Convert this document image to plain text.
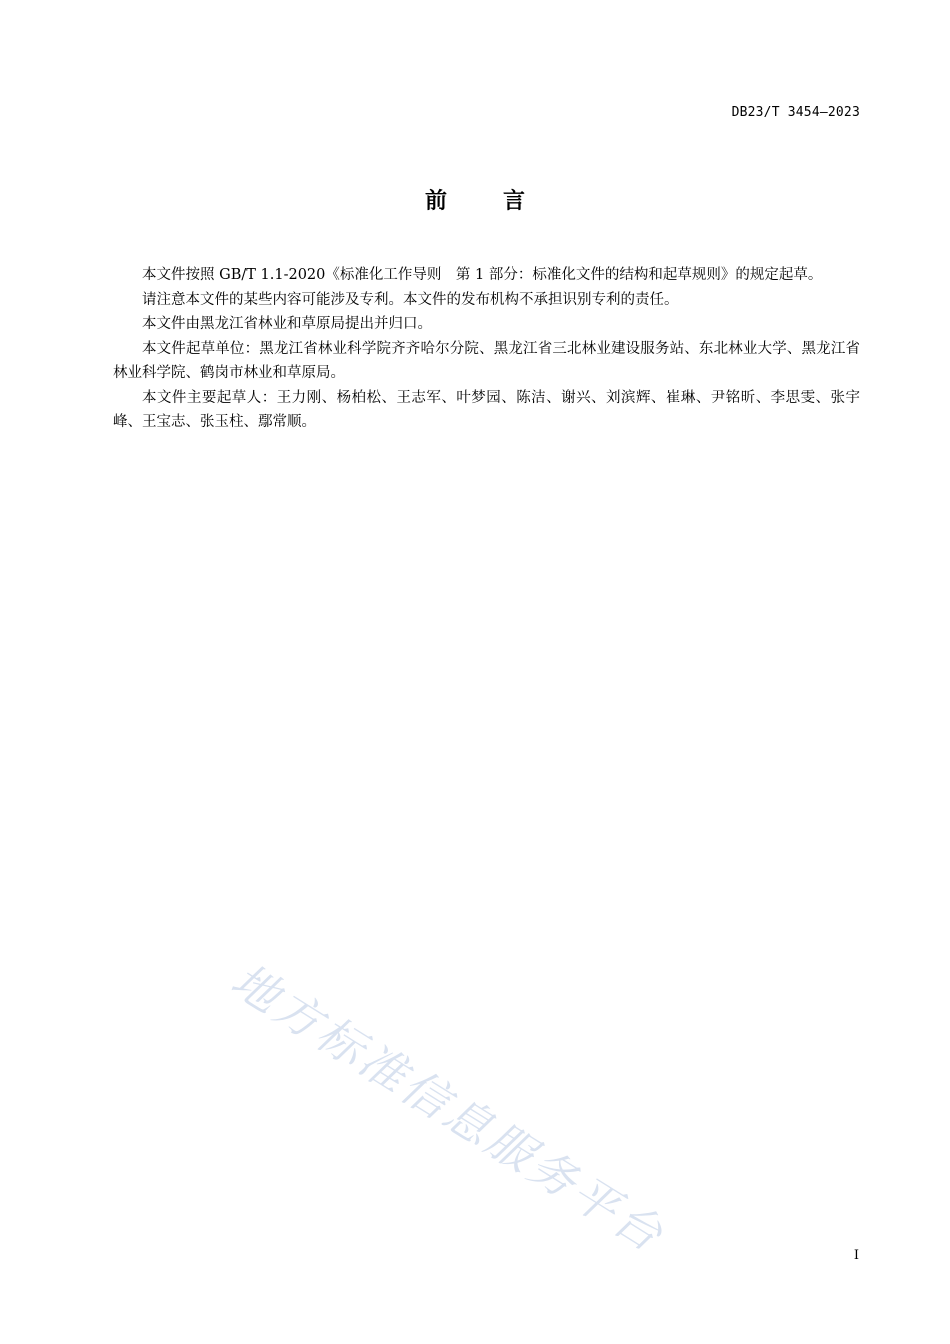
DB23/T 3454—2023
前	言

本文件按照 GB/T 1.1-2020《标准化工作导则　第 1 部分：标准化文件的结构和起草规则》的规定起草。

请注意本文件的某些内容可能涉及专利。本文件的发布机构不承担识别专利的责任。

本文件由黑龙江省林业和草原局提出并归口。

本文件起草单位：黑龙江省林业科学院齐齐哈尔分院、黑龙江省三北林业建设服务站、东北林业大学、黑龙江省林业科学院、鹤岗市林业和草原局。

本文件主要起草人：王力刚、杨柏松、王志军、叶梦园、陈洁、谢兴、刘滨辉、崔琳、尹铭昕、李思雯、张宇峰、王宝志、张玉柱、鄢常顺。

地方标准信息服务平台	I
